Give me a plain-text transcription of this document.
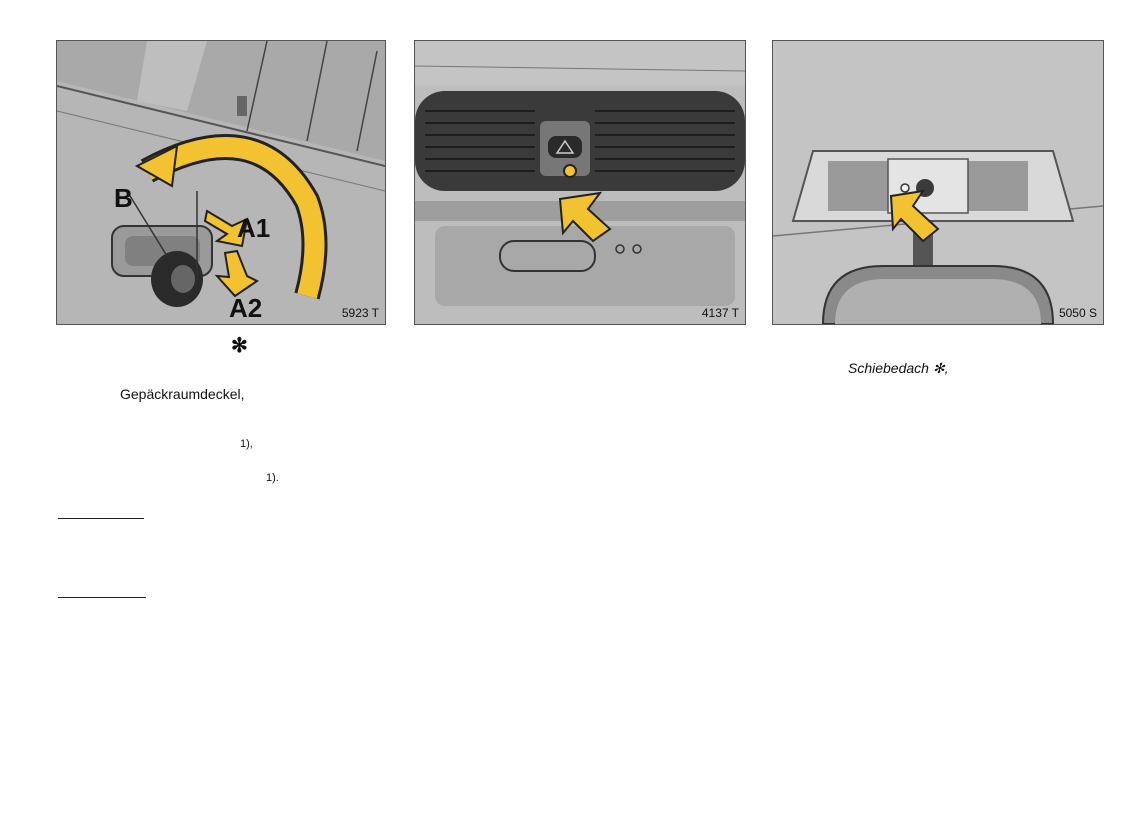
B
A1
A2	5923 T	4137 T	5050 S
✻
Gepäckraumdeckel,
1),
1).
Schiebedach ✻,
